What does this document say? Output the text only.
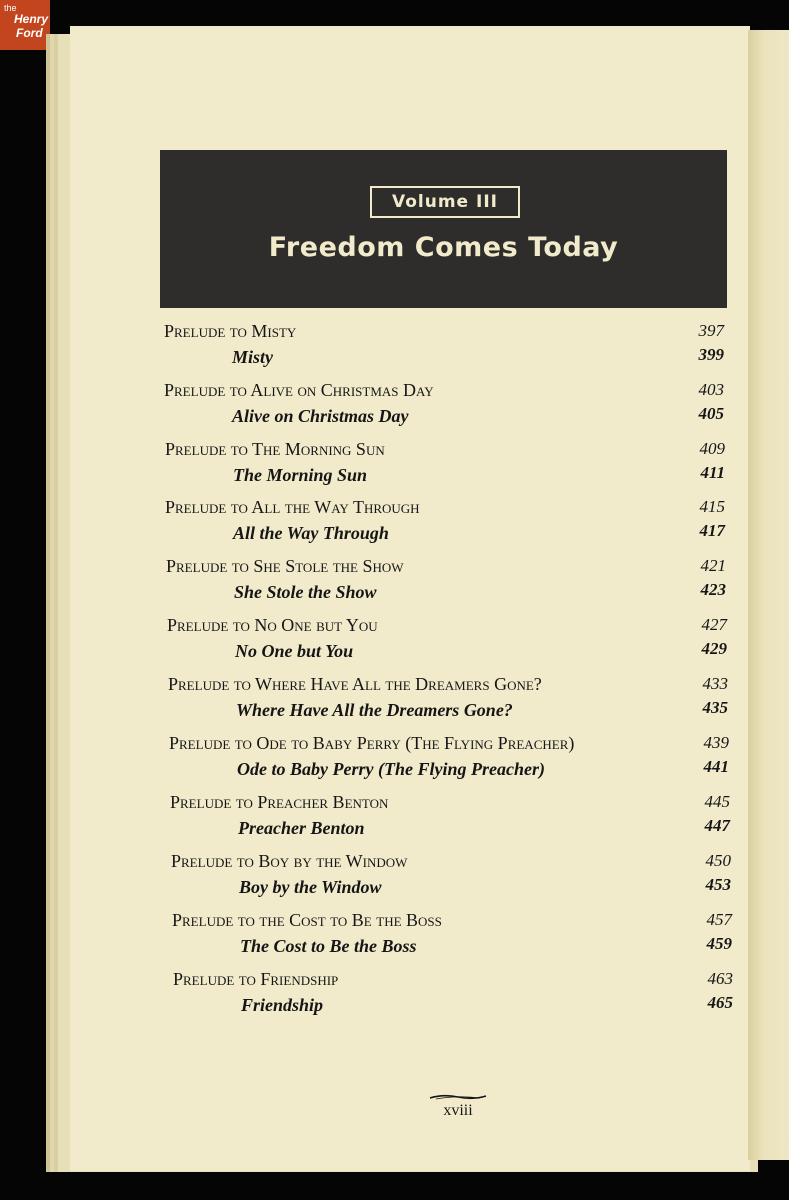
the
Henry
Ford
Volume III
Freedom Comes Today
Prelude to Misty
Misty
397
399
Prelude to Alive on Christmas Day
Alive on Christmas Day
403
405
Prelude to The Morning Sun
The Morning Sun
409
411
Prelude to All the Way Through
All the Way Through
415
417
Prelude to She Stole the Show
She Stole the Show
421
423
Prelude to No One but You
No One but You
427
429
Prelude to Where Have All the Dreamers Gone?
Where Have All the Dreamers Gone?
433
435
Prelude to Ode to Baby Perry (The Flying Preacher)
Ode to Baby Perry (The Flying Preacher)
439
441
Prelude to Preacher Benton
Preacher Benton
445
447
Prelude to Boy by the Window
Boy by the Window
450
453
Prelude to the Cost to Be the Boss
The Cost to Be the Boss
457
459
Prelude to Friendship
Friendship
463
465
xviii
